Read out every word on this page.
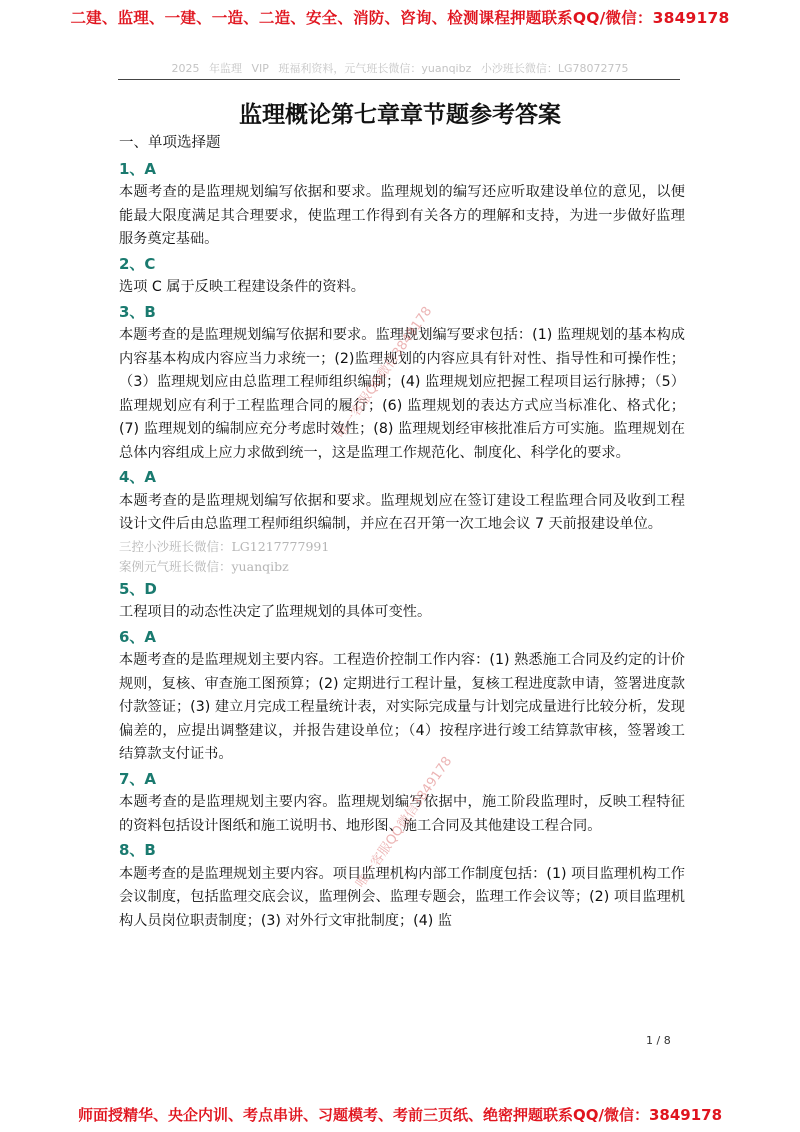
二建、监理、一建、一造、二造、安全、消防、咨询、检测课程押题联系QQ/微信：3849178
2025 年监理 VIP 班福利资料，元气班长微信：yuanqibz 小沙班长微信：LG78072775
监理概论第七章章节题参考答案
一、单项选择题
1、A

本题考查的是监理规划编写依据和要求。监理规划的编写还应听取建设单位的意见，以便能最大限度满足其合理要求，使监理工作得到有关各方的理解和支持，为进一步做好监理服务奠定基础。

2、C

选项 C 属于反映工程建设条件的资料。

3、B

本题考查的是监理规划编写依据和要求。监理规划编写要求包括：(1) 监理规划的基本构成内容基本构成内容应当力求统一；(2)监理规划的内容应具有针对性、指导性和可操作性；（3）监理规划应由总监理工程师组织编制；(4) 监理规划应把握工程项目运行脉搏；（5）监理规划应有利于工程监理合同的履行；(6) 监理规划的表达方式应当标准化、格式化；(7) 监理规划的编制应充分考虑时效性；(8) 监理规划经审核批准后方可实施。监理规划在总体内容组成上应力求做到统一，这是监理工作规范化、制度化、科学化的要求。

4、A

本题考查的是监理规划编写依据和要求。监理规划应在签订建设工程监理合同及收到工程设计文件后由总监理工程师组织编制，并应在召开第一次工地会议 7 天前报建设单位。

三控小沙班长微信：LG1217777991
案例元气班长微信：yuanqibz
5、D

工程项目的动态性决定了监理规划的具体可变性。

6、A

本题考查的是监理规划主要内容。工程造价控制工作内容：(1) 熟悉施工合同及约定的计价规则，复核、审查施工图预算；(2) 定期进行工程计量，复核工程进度款申请，签署进度款付款签证；(3) 建立月完成工程量统计表，对实际完成量与计划完成量进行比较分析，发现偏差的，应提出调整建议，并报告建设单位；（4）按程序进行竣工结算款审核，签署竣工结算款支付证书。

7、A

本题考查的是监理规划主要内容。监理规划编写依据中，施工阶段监理时，反映工程特征的资料包括设计图纸和施工说明书、地形图、施工合同及其他建设工程合同。

8、B

本题考查的是监理规划主要内容。项目监理机构内部工作制度包括：(1) 项目监理机构工作会议制度，包括监理交底会议，监理例会、监理专题会，监理工作会议等；(2) 项目监理机构人员岗位职责制度；(3) 对外行文审批制度；(4) 监

唯一客服QQ微信3849178
唯一客服QQ微信3849178
1 / 8
师面授精华、央企内训、考点串讲、习题模考、考前三页纸、绝密押题联系QQ/微信：3849178
